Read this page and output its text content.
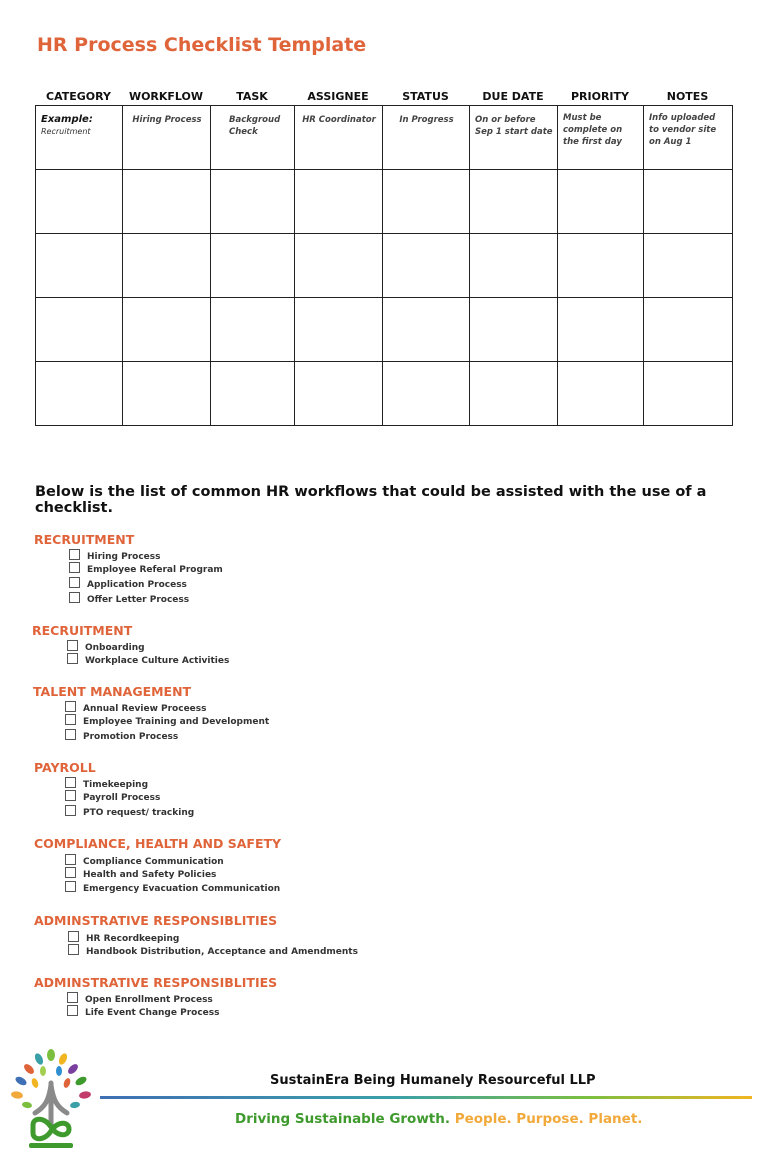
HR Process Checklist Template
CATEGORY	WORKFLOW	TASK	ASSIGNEE	STATUS	DUE DATE	PRIORITY	NOTES
Example:
Recruitment	Hiring Process	Backgroud Check	HR Coordinator	In Progress	On or before Sep 1 start date	Must be complete on the first day	Info uploaded to vendor site on Aug 1

Below is the list of common HR workflows that could be assisted with the use of a checklist.
RECRUITMENT
Hiring Process
Employee Referal Program
Application Process
Offer Letter Process
RECRUITMENT
Onboarding
Workplace Culture Activities
TALENT MANAGEMENT
Annual Review Proceess
Employee Training and Development
Promotion Process
PAYROLL
Timekeeping
Payroll Process
PTO request/ tracking
COMPLIANCE, HEALTH AND SAFETY
Compliance Communication
Health and Safety Policies
Emergency Evacuation Communication
ADMINSTRATIVE RESPONSIBLITIES
HR Recordkeeping
Handbook Distribution, Acceptance and Amendments
ADMINSTRATIVE RESPONSIBLITIES
Open Enrollment Process
Life Event Change Process
SustainEra Being Humanely Resourceful LLP
Driving Sustainable Growth. People. Purpose. Planet.
